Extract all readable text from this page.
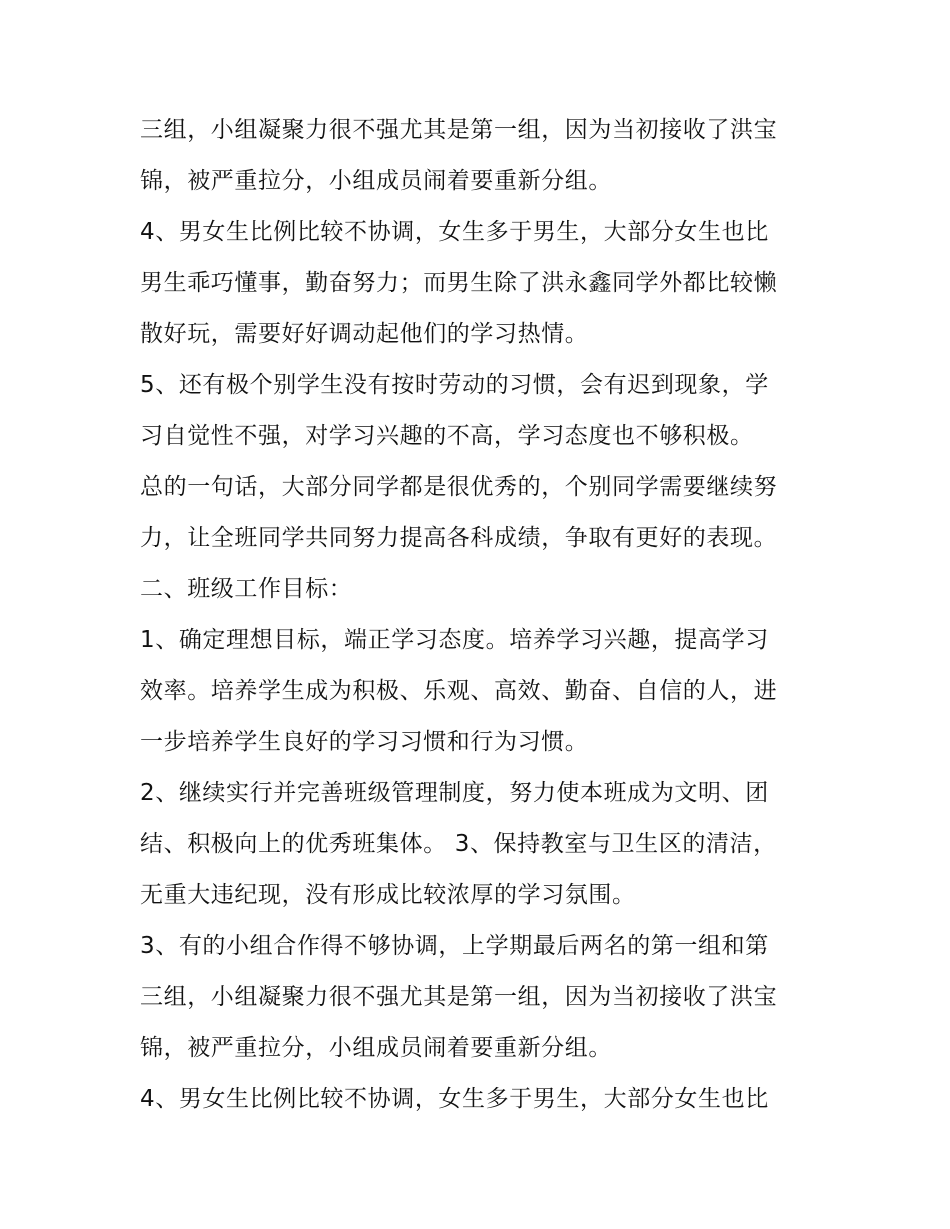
三组，小组凝聚力很不强尤其是第一组，因为当初接收了洪宝
锦，被严重拉分，小组成员闹着要重新分组。
4、男女生比例比较不协调，女生多于男生，大部分女生也比
男生乖巧懂事，勤奋努力；而男生除了洪永鑫同学外都比较懒
散好玩，需要好好调动起他们的学习热情。
5、还有极个别学生没有按时劳动的习惯，会有迟到现象，学
习自觉性不强，对学习兴趣的不高，学习态度也不够积极。
总的一句话，大部分同学都是很优秀的，个别同学需要继续努
力，让全班同学共同努力提高各科成绩，争取有更好的表现。
二、班级工作目标：
1、确定理想目标，端正学习态度。培养学习兴趣，提高学习
效率。培养学生成为积极、乐观、高效、勤奋、自信的人，进
一步培养学生良好的学习习惯和行为习惯。
2、继续实行并完善班级管理制度，努力使本班成为文明、团
结、积极向上的优秀班集体。 3、保持教室与卫生区的清洁，
无重大违纪现，没有形成比较浓厚的学习氛围。
3、有的小组合作得不够协调，上学期最后两名的第一组和第
三组，小组凝聚力很不强尤其是第一组，因为当初接收了洪宝
锦，被严重拉分，小组成员闹着要重新分组。
4、男女生比例比较不协调，女生多于男生，大部分女生也比
